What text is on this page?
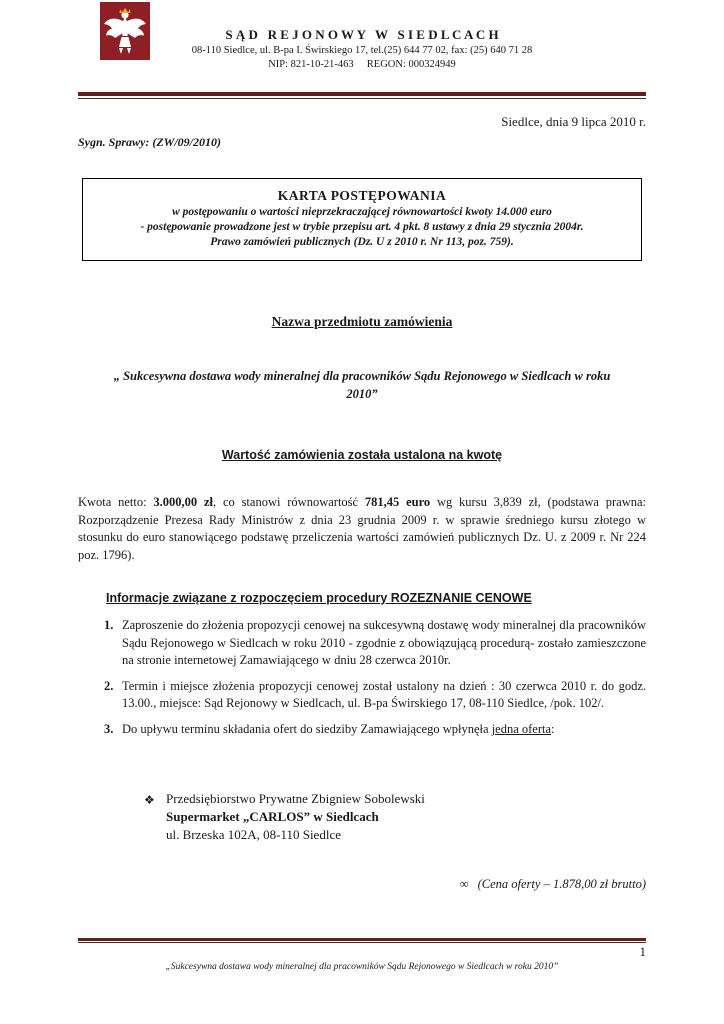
S Ą D   R E J O N O W Y   W   S I E D L C A C H
08-110 Siedlce, ul. B-pa I. Świrskiego 17, tel.(25) 644 77 02, fax: (25) 640 71 28
NIP: 821-10-21-463     REGON: 000324949
Siedlce, dnia 9 lipca 2010 r.
Sygn. Sprawy: (ZW/09/2010)
KARTA POSTĘPOWANIA
w postępowaniu o wartości nieprzekraczającej równowartości kwoty 14.000 euro
- postępowanie prowadzone jest w trybie przepisu art. 4 pkt. 8 ustawy z dnia 29 stycznia 2004r.
Prawo zamówień publicznych (Dz. U z 2010 r. Nr 113, poz. 759).
Nazwa przedmiotu zamówienia
„ Sukcesywna dostawa wody mineralnej dla pracowników Sądu Rejonowego w Siedlcach w roku 2010”
Wartość zamówienia została ustalona na kwotę

Kwota netto: 3.000,00 zł, co stanowi równowartość 781,45 euro wg kursu 3,839 zł, (podstawa prawna: Rozporządzenie Prezesa Rady Ministrów z dnia 23 grudnia 2009 r. w sprawie średniego kursu złotego w stosunku do euro stanowiącego podstawę przeliczenia wartości zamówień publicznych Dz. U. z 2009 r. Nr 224 poz. 1796).

Informacje związane z rozpoczęciem procedury ROZEZNANIE CENOWE
1. Zaproszenie do złożenia propozycji cenowej na sukcesywną dostawę wody mineralnej dla pracowników Sądu Rejonowego w Siedlcach w roku 2010 - zgodnie z obowiązującą procedurą- zostało zamieszczone na stronie internetowej Zamawiającego w dniu 28 czerwca 2010r.
2. Termin i miejsce złożenia propozycji cenowej został ustalony na dzień : 30 czerwca 2010 r. do godz. 13.00., miejsce: Sąd Rejonowy w Siedlcach, ul. B-pa Świrskiego 17, 08-110 Siedlce, /pok. 102/.
3. Do upływu terminu składania ofert do siedziby Zamawiającego wpłynęła jedna oferta:
❖ Przedsiębiorstwo Prywatne Zbigniew Sobolewski
Supermarket „CARLOS” w Siedlcach
ul. Brzeska 102A, 08-110 Siedlce
∞ (Cena oferty – 1.878,00 zł brutto)
1
„Sukcesywna dostawa wody mineralnej dla pracowników Sądu Rejonowego w Siedlcach w roku 2010”
